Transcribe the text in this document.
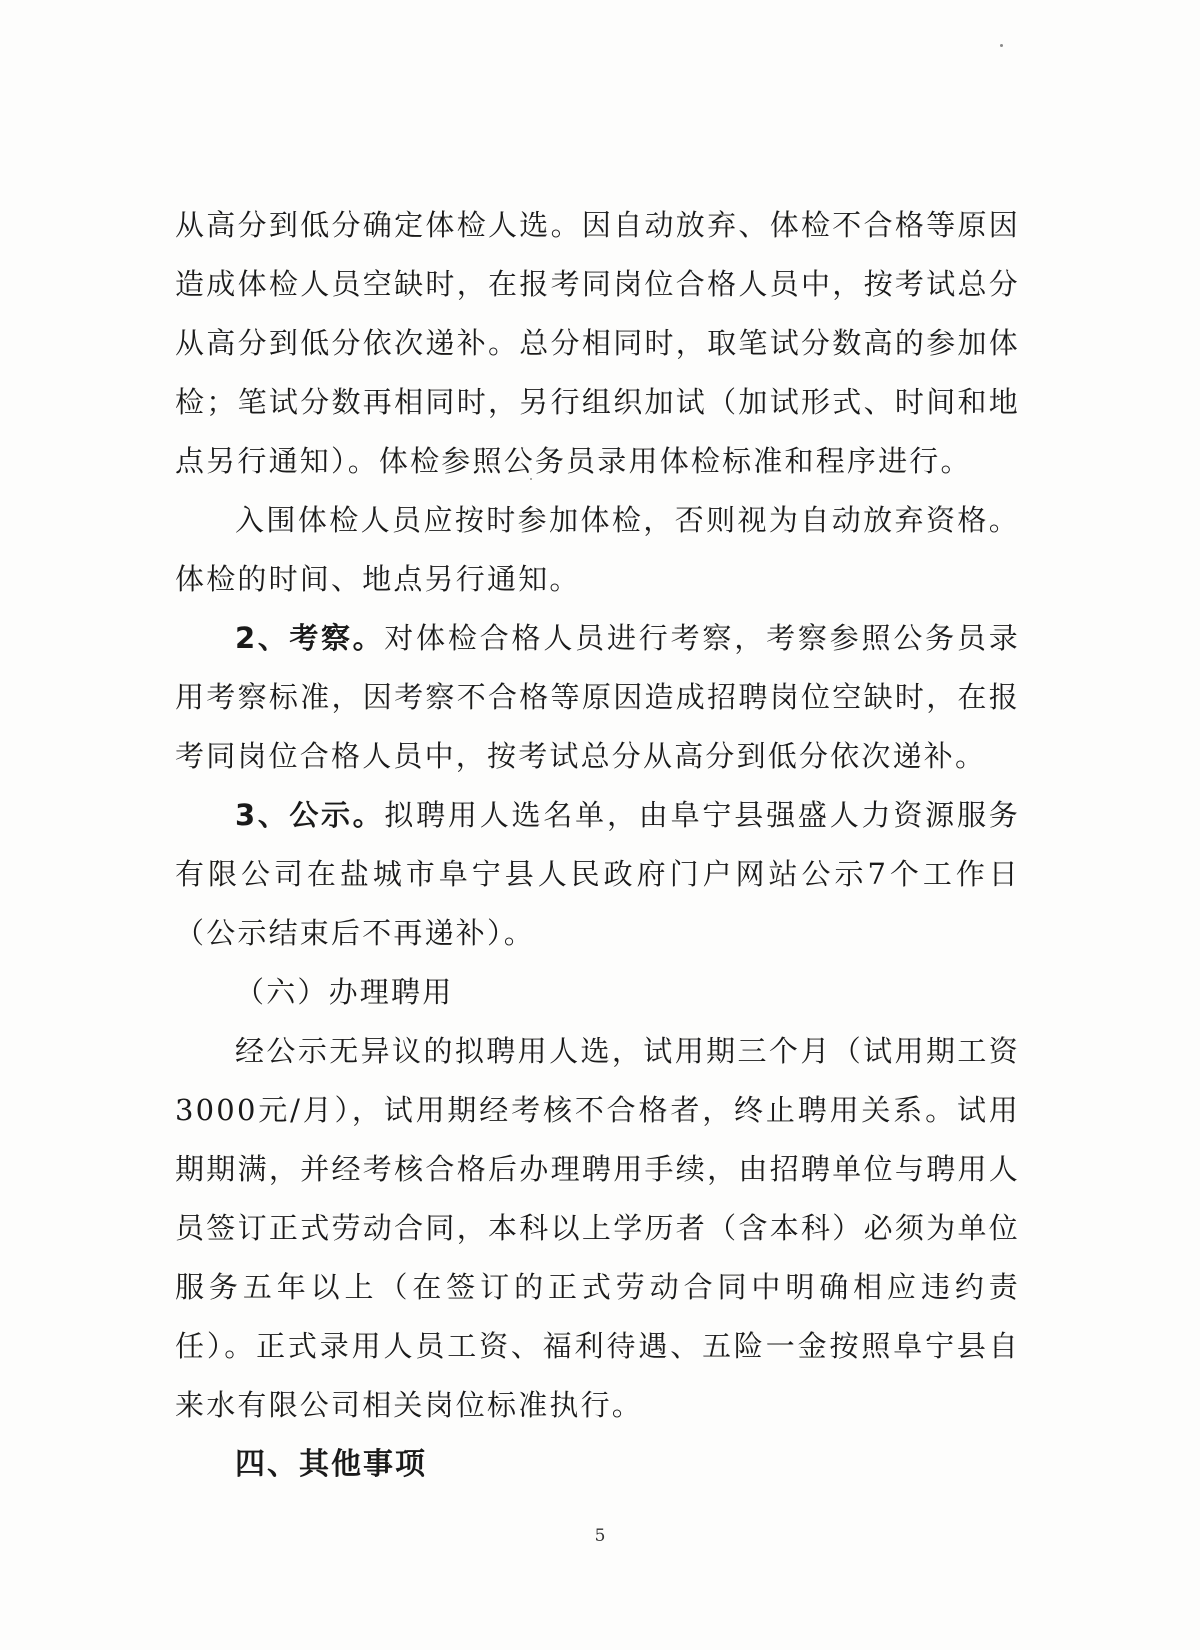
从高分到低分确定体检人选。因自动放弃、体检不合格等原因造成体检人员空缺时，在报考同岗位合格人员中，按考试总分从高分到低分依次递补。总分相同时，取笔试分数高的参加体检；笔试分数再相同时，另行组织加试（加试形式、时间和地点另行通知）。体检参照公务员录用体检标准和程序进行。

入围体检人员应按时参加体检，否则视为自动放弃资格。体检的时间、地点另行通知。

2、考察。对体检合格人员进行考察，考察参照公务员录用考察标准，因考察不合格等原因造成招聘岗位空缺时，在报考同岗位合格人员中，按考试总分从高分到低分依次递补。

3、公示。拟聘用人选名单，由阜宁县强盛人力资源服务有限公司在盐城市阜宁县人民政府门户网站公示7个工作日（公示结束后不再递补）。

（六）办理聘用

经公示无异议的拟聘用人选，试用期三个月（试用期工资3000元/月），试用期经考核不合格者，终止聘用关系。试用期期满，并经考核合格后办理聘用手续，由招聘单位与聘用人员签订正式劳动合同，本科以上学历者（含本科）必须为单位服务五年以上（在签订的正式劳动合同中明确相应违约责任）。正式录用人员工资、福利待遇、五险一金按照阜宁县自来水有限公司相关岗位标准执行。

四、其他事项

5
